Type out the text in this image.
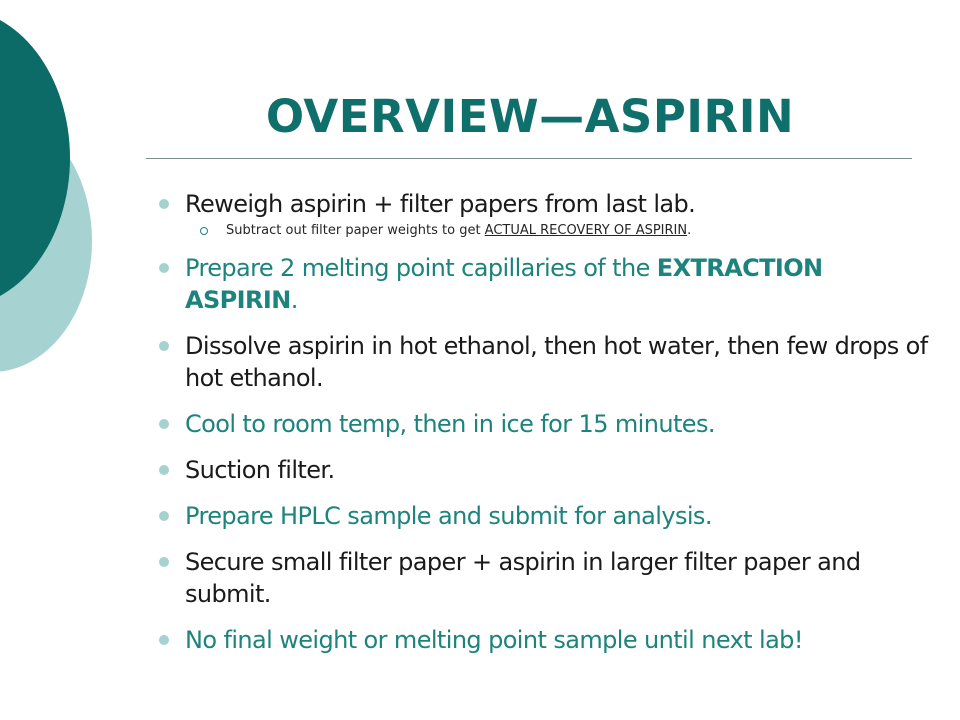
OVERVIEW—ASPIRIN
Reweigh aspirin + filter papers from last lab.
Subtract out filter paper weights to get ACTUAL RECOVERY OF ASPIRIN.
Prepare 2 melting point capillaries of the EXTRACTION ASPIRIN.
Dissolve aspirin in hot ethanol, then hot water, then few drops of hot ethanol.
Cool to room temp, then in ice for 15 minutes.
Suction filter.
Prepare HPLC sample and submit for analysis.
Secure small filter paper + aspirin in larger filter paper and submit.
No final weight or melting point sample until next lab!
